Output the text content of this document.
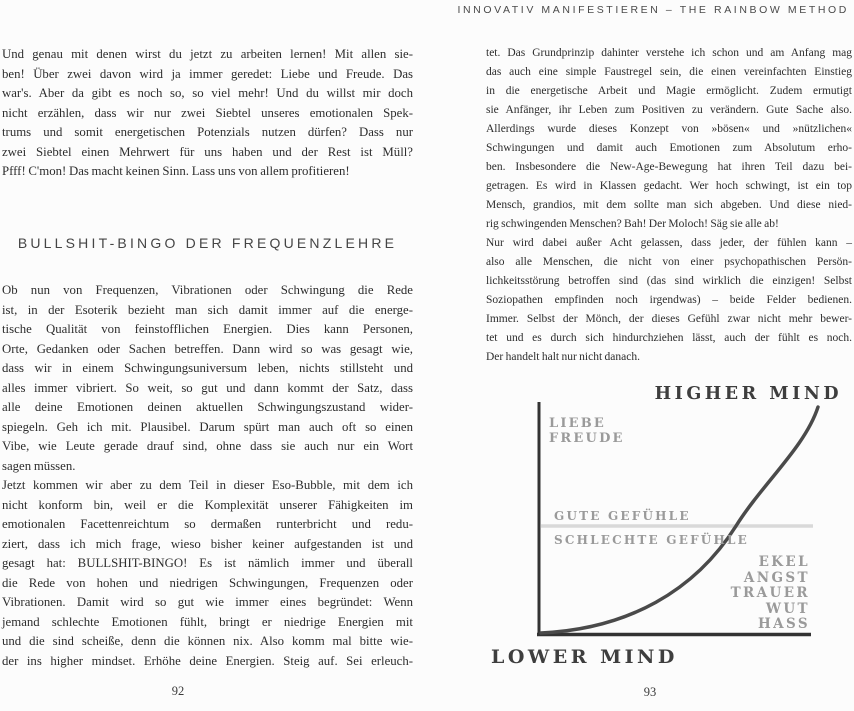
INNOVATIV MANIFESTIEREN – THE RAINBOW METHOD
Und genau mit denen wirst du jetzt zu arbeiten lernen! Mit allen sie-
ben! Über zwei davon wird ja immer geredet: Liebe und Freude. Das
war's. Aber da gibt es noch so, so viel mehr! Und du willst mir doch
nicht erzählen, dass wir nur zwei Siebtel unseres emotionalen Spek-
trums und somit energetischen Potenzials nutzen dürfen? Dass nur
zwei Siebtel einen Mehrwert für uns haben und der Rest ist Müll?
Pfff! C'mon! Das macht keinen Sinn. Lass uns von allem profitieren!
BULLSHIT-BINGO DER FREQUENZLEHRE
Ob nun von Frequenzen, Vibrationen oder Schwingung die Rede
ist, in der Esoterik bezieht man sich damit immer auf die energe-
tische Qualität von feinstofflichen Energien. Dies kann Personen,
Orte, Gedanken oder Sachen betreffen. Dann wird so was gesagt wie,
dass wir in einem Schwingungsuniversum leben, nichts stillsteht und
alles immer vibriert. So weit, so gut und dann kommt der Satz, dass
alle deine Emotionen deinen aktuellen Schwingungszustand wider-
spiegeln. Geh ich mit. Plausibel. Darum spürt man auch oft so einen
Vibe, wie Leute gerade drauf sind, ohne dass sie auch nur ein Wort
sagen müssen.
Jetzt kommen wir aber zu dem Teil in dieser Eso-Bubble, mit dem ich
nicht konform bin, weil er die Komplexität unserer Fähigkeiten im
emotionalen Facettenreichtum so dermaßen runterbricht und redu-
ziert, dass ich mich frage, wieso bisher keiner aufgestanden ist und
gesagt hat: BULLSHIT-BINGO! Es ist nämlich immer und überall
die Rede von hohen und niedrigen Schwingungen, Frequenzen oder
Vibrationen. Damit wird so gut wie immer eines begründet: Wenn
jemand schlechte Emotionen fühlt, bringt er niedrige Energien mit
und die sind scheiße, denn die können nix. Also komm mal bitte wie-
der ins higher mindset. Erhöhe deine Energien. Steig auf. Sei erleuch-
tet. Das Grundprinzip dahinter verstehe ich schon und am Anfang mag
das auch eine simple Faustregel sein, die einen vereinfachten Einstieg
in die energetische Arbeit und Magie ermöglicht. Zudem ermutigt
sie Anfänger, ihr Leben zum Positiven zu verändern. Gute Sache also.
Allerdings wurde dieses Konzept von »bösen« und »nützlichen«
Schwingungen und damit auch Emotionen zum Absolutum erho-
ben. Insbesondere die New-Age-Bewegung hat ihren Teil dazu bei-
getragen. Es wird in Klassen gedacht. Wer hoch schwingt, ist ein top
Mensch, grandios, mit dem sollte man sich abgeben. Und diese nied-
rig schwingenden Menschen? Bah! Der Moloch! Säg sie alle ab!
Nur wird dabei außer Acht gelassen, dass jeder, der fühlen kann –
also alle Menschen, die nicht von einer psychopathischen Persön-
lichkeitsstörung betroffen sind (das sind wirklich die einzigen! Selbst
Soziopathen empfinden noch irgendwas) – beide Felder bedienen.
Immer. Selbst der Mönch, der dieses Gefühl zwar nicht mehr bewer-
tet und es durch sich hindurchziehen lässt, auch der fühlt es noch.
Der handelt halt nur nicht danach.
HIGHER MIND
LIEBE
FREUDE
GUTE GEFÜHLE
SCHLECHTE GEFÜHLE
EKEL
ANGST
TRAUER
WUT
HASS
LOWER MIND
92	93
